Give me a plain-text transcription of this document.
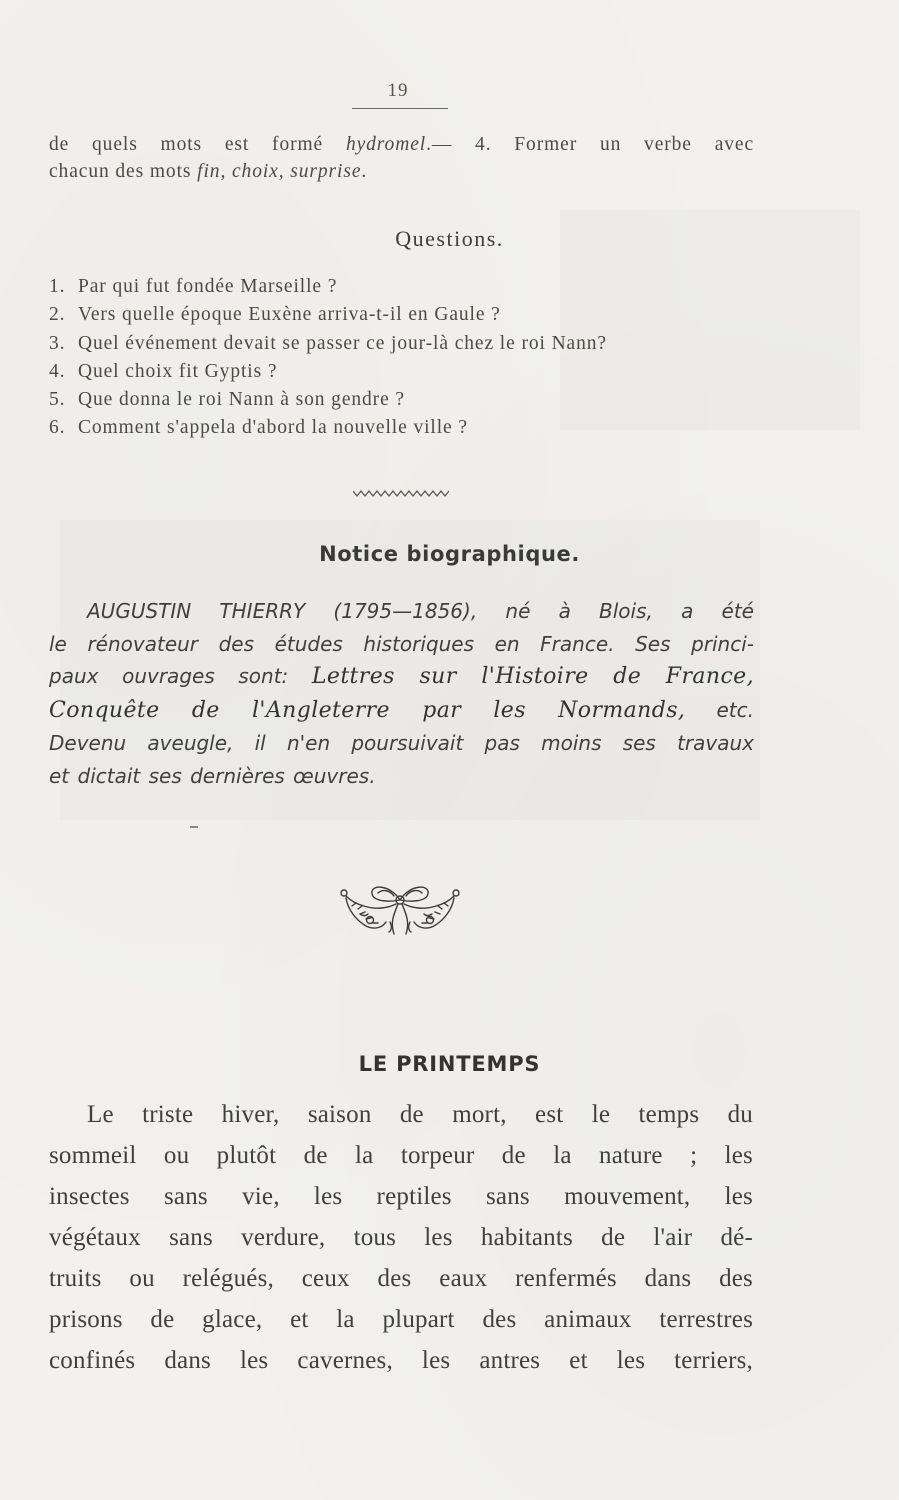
19

de quels mots est formé hydromel.— 4. Former un verbe avec

chacun des mots fin, choix, surprise.

Questions.
1. Par qui fut fondée Marseille ?
2. Vers quelle époque Euxène arriva-t-il en Gaule ?
3. Quel événement devait se passer ce jour-là chez le roi Nann?
4. Quel choix fit Gyptis ?
5. Que donna le roi Nann à son gendre ?
6. Comment s'appela d'abord la nouvelle ville ?
Notice biographique.
AUGUSTIN THIERRY (1795—1856), né à Blois, a été
le rénovateur des études historiques en France. Ses princi-
paux ouvrages sont: Lettres sur l'Histoire de France,
Conquête de l'Angleterre par les Normands, etc.
Devenu aveugle, il n'en poursuivait pas moins ses travaux
et dictait ses dernières œuvres.
LE PRINTEMPS
Le triste hiver, saison de mort, est le temps du
sommeil ou plutôt de la torpeur de la nature ; les
insectes sans vie, les reptiles sans mouvement, les
végétaux sans verdure, tous les habitants de l'air dé-
truits ou relégués, ceux des eaux renfermés dans des
prisons de glace, et la plupart des animaux terrestres
confinés dans les cavernes, les antres et les terriers,
